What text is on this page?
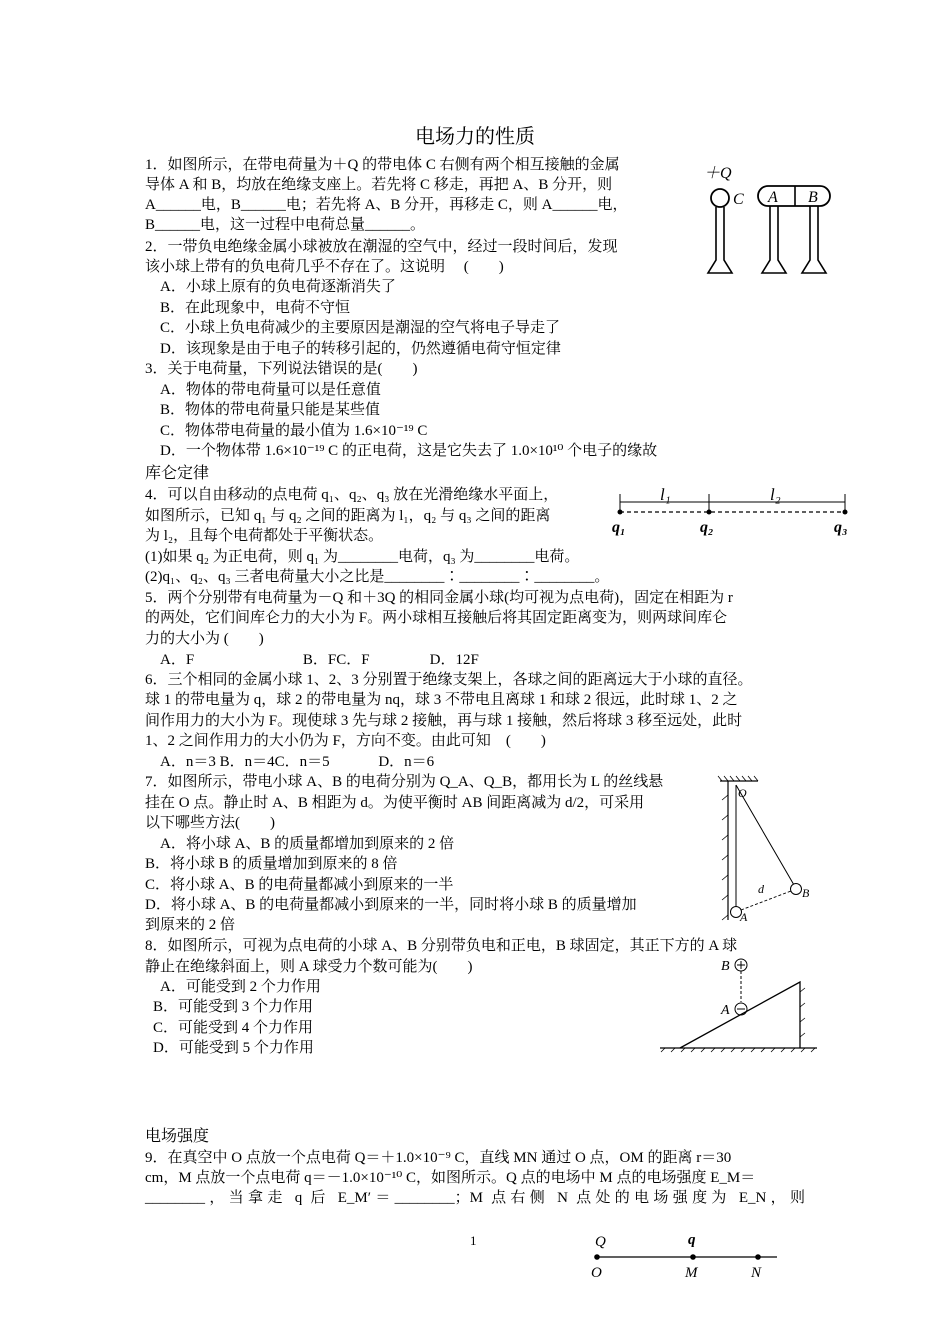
电场力的性质
1．如图所示，在带电荷量为＋Q 的带电体 C 右侧有两个相互接触的金属
导体 A 和 B，均放在绝缘支座上。若先将 C 移走，再把 A、B 分开，则
A______电，B______电；若先将 A、B 分开，再移走 C，则 A______电，
B______电，这一过程中电荷总量______。
2．一带负电绝缘金属小球被放在潮湿的空气中，经过一段时间后，发现
该小球上带有的负电荷几乎不存在了。这说明　 (　　)
A．小球上原有的负电荷逐渐消失了
B．在此现象中，电荷不守恒
C．小球上负电荷减少的主要原因是潮湿的空气将电子导走了
D．该现象是由于电子的转移引起的，仍然遵循电荷守恒定律
3．关于电荷量，下列说法错误的是(　　)
A．物体的带电荷量可以是任意值
B．物体的带电荷量只能是某些值
C．物体带电荷量的最小值为 1.6×10⁻¹⁹ C
D．一个物体带 1.6×10⁻¹⁹ C 的正电荷，这是它失去了 1.0×10¹⁰ 个电子的缘故
库仑定律
4．可以自由移动的点电荷 q₁、q₂、q₃ 放在光滑绝缘水平面上，
如图所示，已知 q₁ 与 q₂ 之间的距离为 l₁，q₂ 与 q₃ 之间的距离
为 l₂，且每个电荷都处于平衡状态。
(1)如果 q₂ 为正电荷，则 q₁ 为________电荷，q₃ 为________电荷。
(2)q₁、q₂、q₃ 三者电荷量大小之比是________∶________∶________。
5．两个分别带有电荷量为－Q 和＋3Q 的相同金属小球(均可视为点电荷)，固定在相距为 r
的两处，它们间库仑力的大小为 F。两小球相互接触后将其固定距离变为，则两球间库仑
力的大小为 (　　)
A．F　　　　　　　 B．FC．F　　　　D．12F
6．三个相同的金属小球 1、2、3 分别置于绝缘支架上，各球之间的距离远大于小球的直径。
球 1 的带电量为 q，球 2 的带电量为 nq，球 3 不带电且离球 1 和球 2 很远，此时球 1、2 之
间作用力的大小为 F。现使球 3 先与球 2 接触，再与球 1 接触，然后将球 3 移至远处，此时
1、2 之间作用力的大小仍为 F，方向不变。由此可知　(　　)
A．n＝3 B．n＝4C．n＝5　　　 D．n＝6
7．如图所示，带电小球 A、B 的电荷分别为 Q_A、Q_B，都用长为 L 的丝线悬
挂在 O 点。静止时 A、B 相距为 d。为使平衡时 AB 间距离减为 d/2，可采用
以下哪些方法(　　)
A．将小球 A、B 的质量都增加到原来的 2 倍
B．将小球 B 的质量增加到原来的 8 倍
C．将小球 A、B 的电荷量都减小到原来的一半
D．将小球 A、B 的电荷量都减小到原来的一半，同时将小球 B 的质量增加
到原来的 2 倍
8．如图所示，可视为点电荷的小球 A、B 分别带负电和正电，B 球固定，其正下方的 A 球
静止在绝缘斜面上，则 A 球受力个数可能为(　　)
A．可能受到 2 个力作用
B．可能受到 3 个力作用
C．可能受到 4 个力作用
D．可能受到 5 个力作用
电场强度
9．在真空中 O 点放一个点电荷 Q＝＋1.0×10⁻⁹ C，直线 MN 通过 O 点，OM 的距离 r＝30
cm，M 点放一个点电荷 q＝－1.0×10⁻¹⁰ C，如图所示。Q 点的电场中 M 点的电场强度 E_M＝
________，当拿走 q 后 E_M′＝________；M 点右侧 N 点处的电场强度为 E_N，则
1
＋Q
C A B
l₁	l₂
q₁	q₂	q₃
O
d
A
B
B
A
Q	q
O	M	N
